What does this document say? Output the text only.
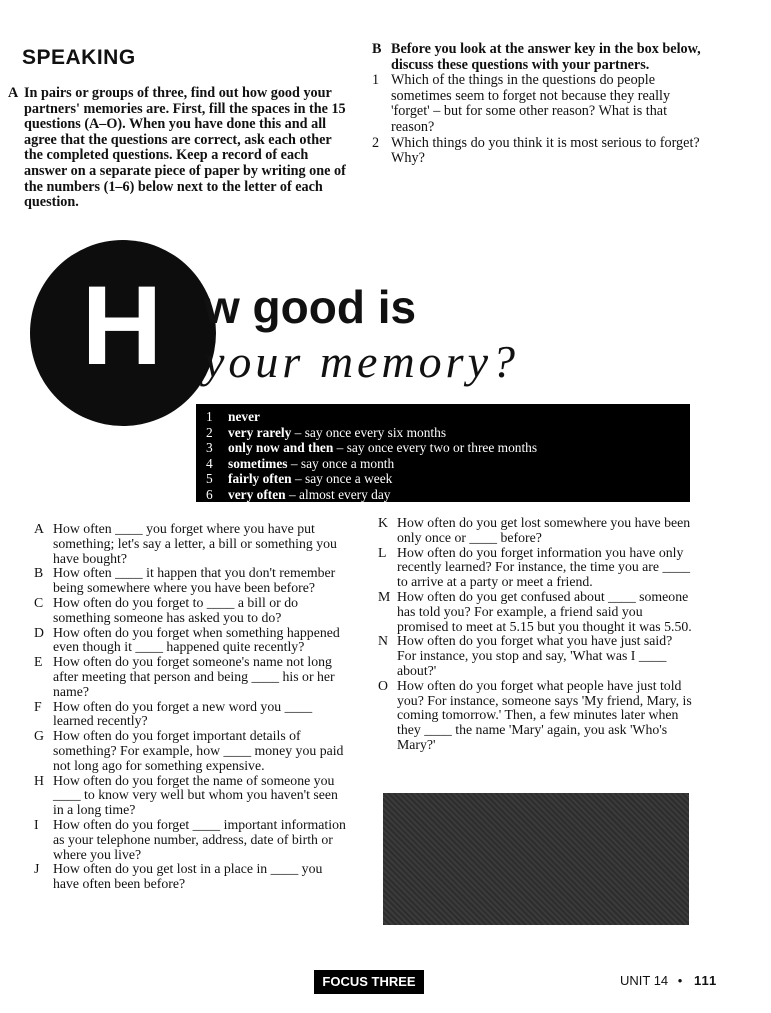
SPEAKING
A In pairs or groups of three, find out how good your partners' memories are. First, fill the spaces in the 15 questions (A–O). When you have done this and all agree that the questions are correct, ask each other the completed questions. Keep a record of each answer on a separate piece of paper by writing one of the numbers (1–6) below next to the letter of each question.
B Before you look at the answer key in the box below, discuss these questions with your partners.
1 Which of the things in the questions do people sometimes seem to forget not because they really 'forget' – but for some other reason? What is that reason?
2 Which things do you think it is most serious to forget? Why?
H w good is
your memory?
1 never
2 very rarely – say once every six months
3 only now and then – say once every two or three months
4 sometimes – say once a month
5 fairly often – say once a week
6 very often – almost every day
A How often ____ you forget where you have put something; let's say a letter, a bill or something you have bought?
B How often ____ it happen that you don't remember being somewhere where you have been before?
C How often do you forget to ____ a bill or do something someone has asked you to do?
D How often do you forget when something happened even though it ____ happened quite recently?
E How often do you forget someone's name not long after meeting that person and being ____ his or her name?
F How often do you forget a new word you ____ learned recently?
G How often do you forget important details of something? For example, how ____ money you paid not long ago for something expensive.
H How often do you forget the name of someone you ____ to know very well but whom you haven't seen in a long time?
I How often do you forget ____ important information as your telephone number, address, date of birth or where you live?
J How often do you get lost in a place in ____ you have often been before?
K How often do you get lost somewhere you have been only once or ____ before?
L How often do you forget information you have only recently learned? For instance, the time you are ____ to arrive at a party or meet a friend.
M How often do you get confused about ____ someone has told you? For example, a friend said you promised to meet at 5.15 but you thought it was 5.50.
N How often do you forget what you have just said? For instance, you stop and say, 'What was I ____ about?'
O How often do you forget what people have just told you? For instance, someone says 'My friend, Mary, is coming tomorrow.' Then, a few minutes later when they ____ the name 'Mary' again, you ask 'Who's Mary?'
FOCUS THREE	UNIT 14 • 111
